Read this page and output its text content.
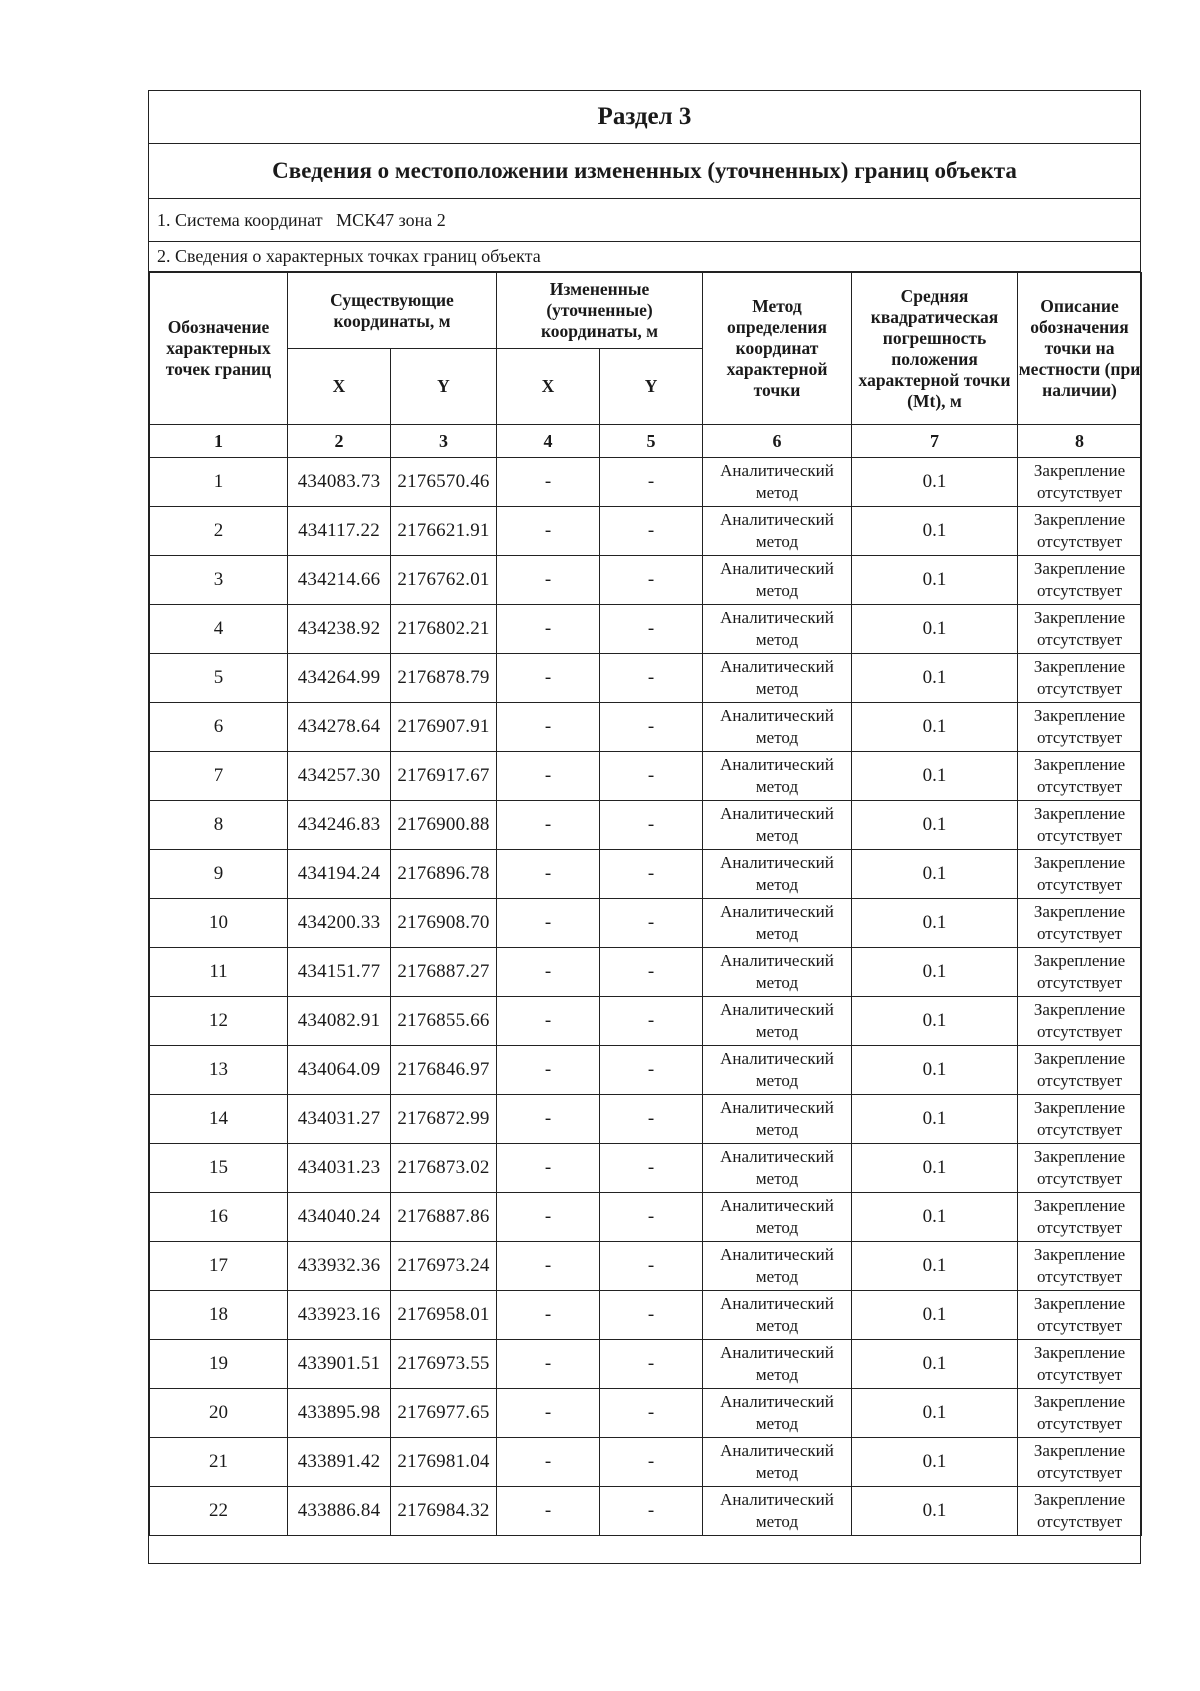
Раздел 3
Сведения о местоположении измененных (уточненных) границ объекта
1. Система координат МСК47 зона 2
2. Сведения о характерных точках границ объекта
Обозначение характерных точек границ	Существующие координаты, м		Измененные (уточненные) координаты, м		Метод определения координат характерной точки	Средняя квадратическая погрешность положения характерной точки (Mt), м	Описание обозначения точки на местности (при наличии)
	X	Y	X	Y			
1	2	3	4	5	6	7	8
1	434083.73	2176570.46	-	-	Аналитический метод	0.1	Закрепление отсутствует
2	434117.22	2176621.91	-	-	Аналитический метод	0.1	Закрепление отсутствует
3	434214.66	2176762.01	-	-	Аналитический метод	0.1	Закрепление отсутствует
4	434238.92	2176802.21	-	-	Аналитический метод	0.1	Закрепление отсутствует
5	434264.99	2176878.79	-	-	Аналитический метод	0.1	Закрепление отсутствует
6	434278.64	2176907.91	-	-	Аналитический метод	0.1	Закрепление отсутствует
7	434257.30	2176917.67	-	-	Аналитический метод	0.1	Закрепление отсутствует
8	434246.83	2176900.88	-	-	Аналитический метод	0.1	Закрепление отсутствует
9	434194.24	2176896.78	-	-	Аналитический метод	0.1	Закрепление отсутствует
10	434200.33	2176908.70	-	-	Аналитический метод	0.1	Закрепление отсутствует
11	434151.77	2176887.27	-	-	Аналитический метод	0.1	Закрепление отсутствует
12	434082.91	2176855.66	-	-	Аналитический метод	0.1	Закрепление отсутствует
13	434064.09	2176846.97	-	-	Аналитический метод	0.1	Закрепление отсутствует
14	434031.27	2176872.99	-	-	Аналитический метод	0.1	Закрепление отсутствует
15	434031.23	2176873.02	-	-	Аналитический метод	0.1	Закрепление отсутствует
16	434040.24	2176887.86	-	-	Аналитический метод	0.1	Закрепление отсутствует
17	433932.36	2176973.24	-	-	Аналитический метод	0.1	Закрепление отсутствует
18	433923.16	2176958.01	-	-	Аналитический метод	0.1	Закрепление отсутствует
19	433901.51	2176973.55	-	-	Аналитический метод	0.1	Закрепление отсутствует
20	433895.98	2176977.65	-	-	Аналитический метод	0.1	Закрепление отсутствует
21	433891.42	2176981.04	-	-	Аналитический метод	0.1	Закрепление отсутствует
22	433886.84	2176984.32	-	-	Аналитический метод	0.1	Закрепление отсутствует
